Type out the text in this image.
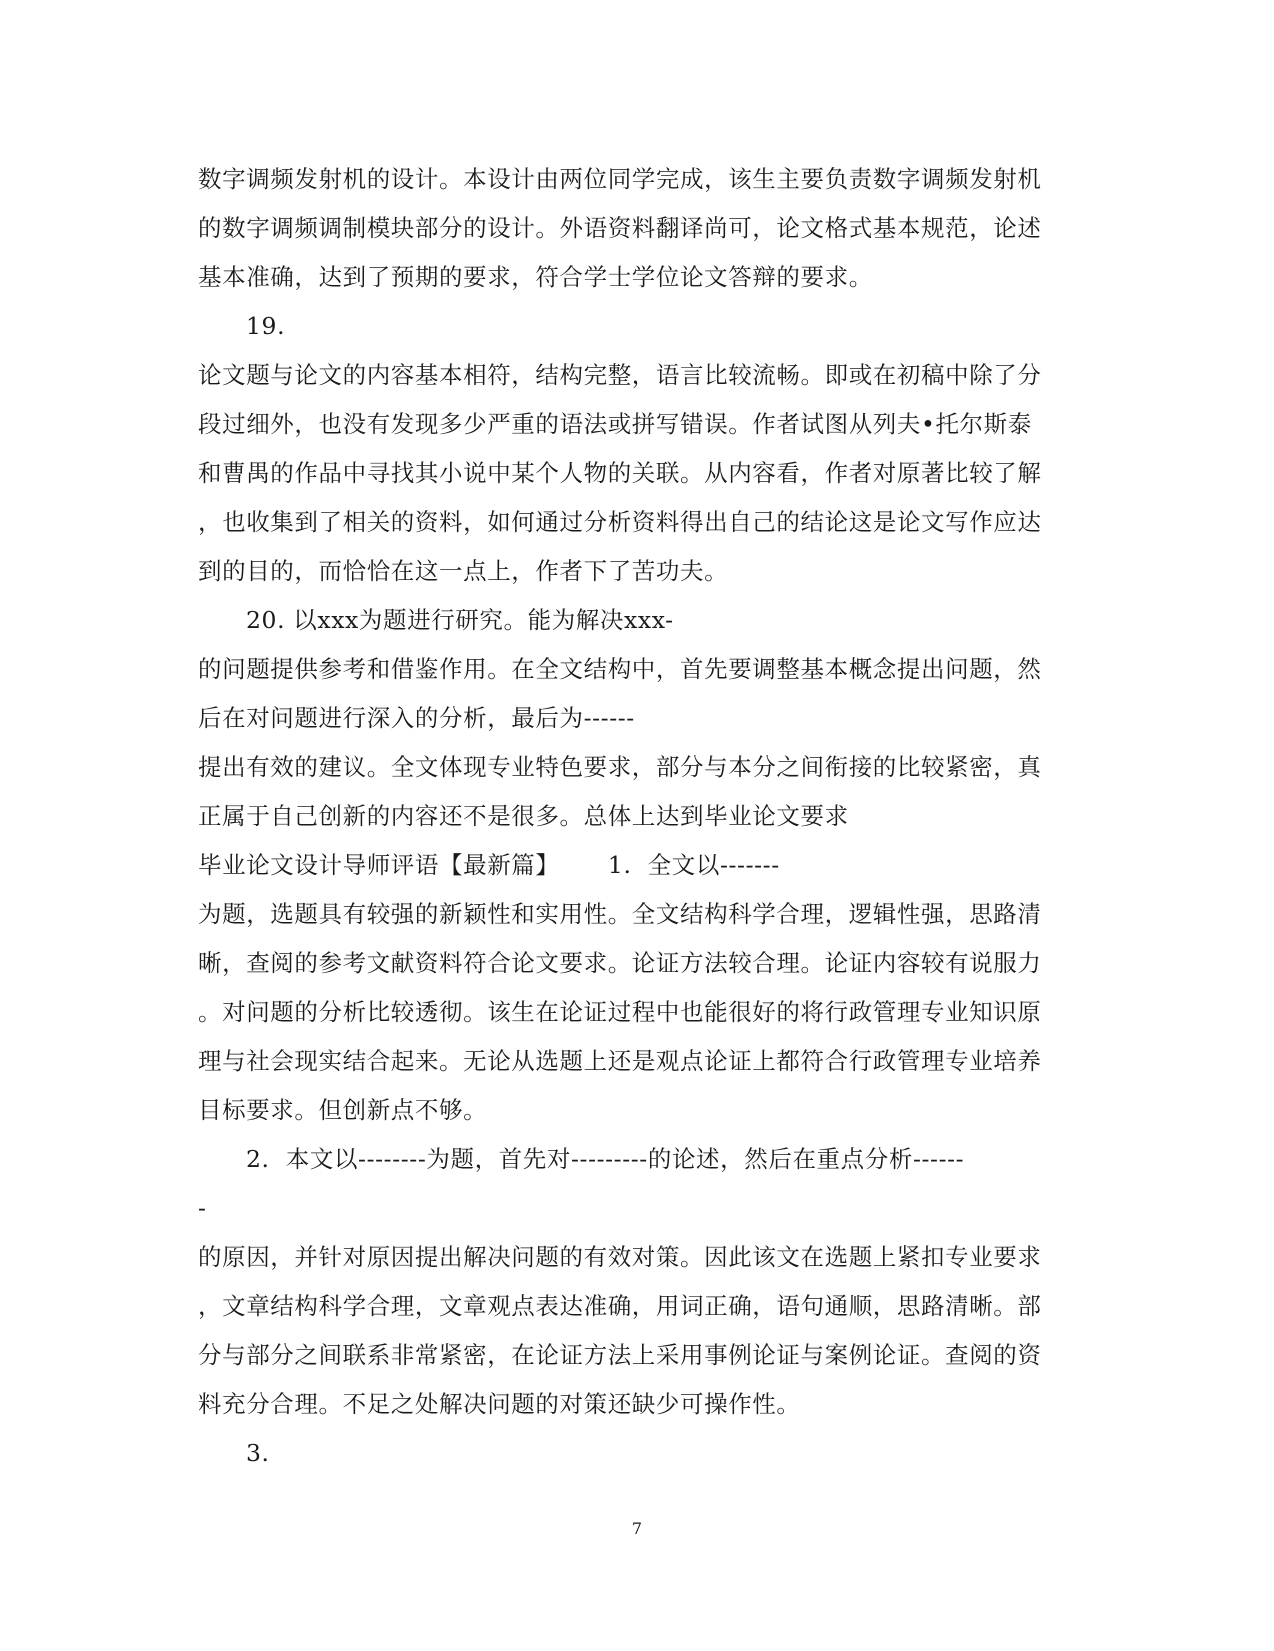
数字调频发射机的设计。本设计由两位同学完成，该生主要负责数字调频发射机
的数字调频调制模块部分的设计。外语资料翻译尚可，论文格式基本规范，论述
基本准确，达到了预期的要求，符合学士学位论文答辩的要求。
19.
论文题与论文的内容基本相符，结构完整，语言比较流畅。即或在初稿中除了分
段过细外，也没有发现多少严重的语法或拼写错误。作者试图从列夫•托尔斯泰
和曹禺的作品中寻找其小说中某个人物的关联。从内容看，作者对原著比较了解
，也收集到了相关的资料，如何通过分析资料得出自己的结论这是论文写作应达
到的目的，而恰恰在这一点上，作者下了苦功夫。
20. 以xxx为题进行研究。能为解决xxx-
的问题提供参考和借鉴作用。在全文结构中，首先要调整基本概念提出问题，然
后在对问题进行深入的分析，最后为------
提出有效的建议。全文体现专业特色要求，部分与本分之间衔接的比较紧密，真
正属于自己创新的内容还不是很多。总体上达到毕业论文要求
毕业论文设计导师评语【最新篇】      1.  全文以-------
为题，选题具有较强的新颖性和实用性。全文结构科学合理，逻辑性强，思路清
晰，查阅的参考文献资料符合论文要求。论证方法较合理。论证内容较有说服力
。对问题的分析比较透彻。该生在论证过程中也能很好的将行政管理专业知识原
理与社会现实结合起来。无论从选题上还是观点论证上都符合行政管理专业培养
目标要求。但创新点不够。
2.  本文以--------为题，首先对---------的论述，然后在重点分析------
-
的原因，并针对原因提出解决问题的有效对策。因此该文在选题上紧扣专业要求
，文章结构科学合理，文章观点表达准确，用词正确，语句通顺，思路清晰。部
分与部分之间联系非常紧密，在论证方法上采用事例论证与案例论证。查阅的资
料充分合理。不足之处解决问题的对策还缺少可操作性。
3.
7
